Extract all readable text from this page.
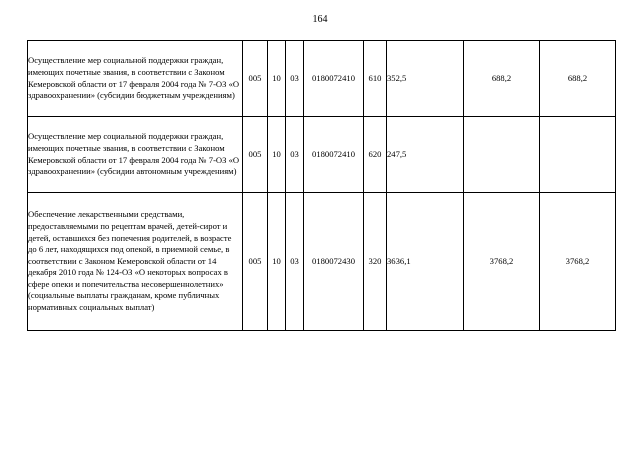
164
Осуществление мер социальной поддержки граждан, имеющих почетные звания, в соответствии с Законом Кемеровской области от 17 февраля 2004 года № 7-ОЗ «О здравоохранении» (субсидии бюджетным учреждениям)	005	10	03	0180072410	610	352,5	688,2	688,2
Осуществление мер социальной поддержки граждан, имеющих почетные звания, в соответствии с Законом Кемеровской области от 17 февраля 2004 года № 7-ОЗ «О здравоохранении» (субсидии автономным учреждениям)	005	10	03	0180072410	620	247,5		
Обеспечение лекарственными средствами, предоставляемыми по рецептам врачей, детей-сирот и детей, оставшихся без попечения родителей, в возрасте до 6 лет, находящихся под опекой, в приемной семье, в соответствии с Законом Кемеровской области от 14 декабря 2010 года № 124-ОЗ «О некоторых вопросах в сфере опеки и попечительства несовершеннолетних» (социальные выплаты гражданам, кроме публичных нормативных социальных выплат)	005	10	03	0180072430	320	3636,1	3768,2	3768,2
